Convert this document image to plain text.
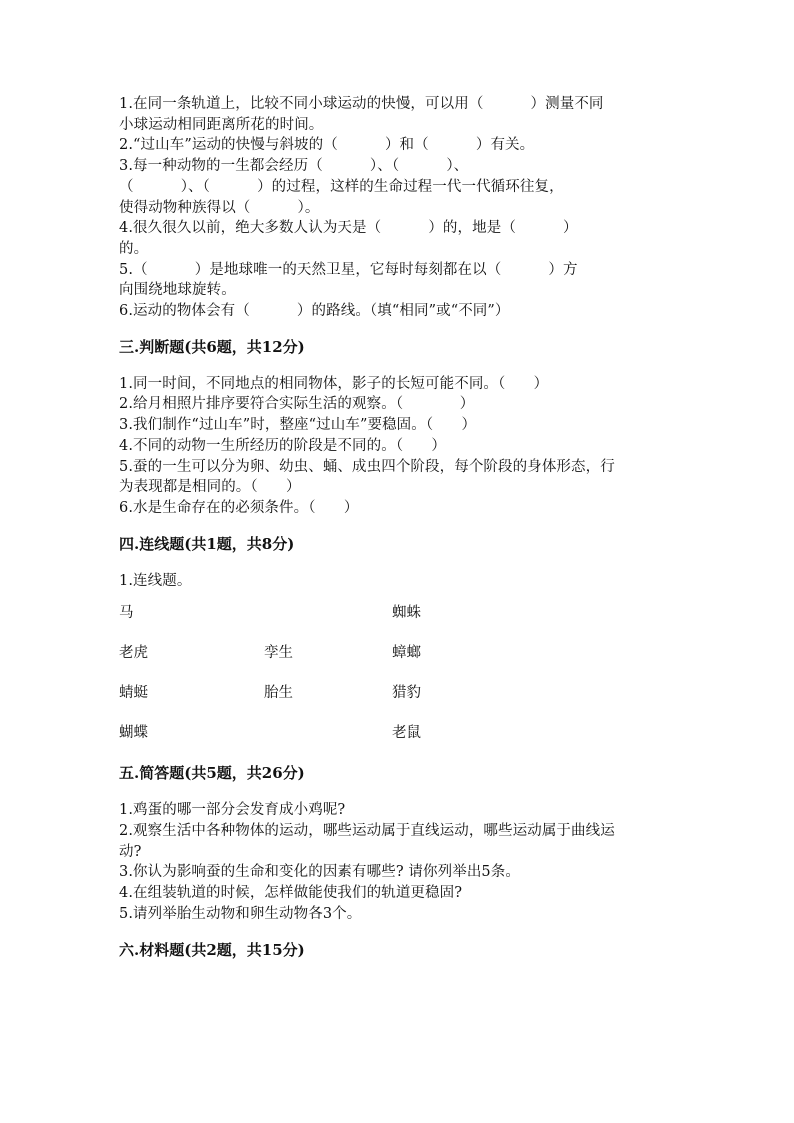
1.在同一条轨道上，比较不同小球运动的快慢，可以用（          ）测量不同
小球运动相同距离所花的时间。
2.“过山车”运动的快慢与斜坡的（          ）和（          ）有关。
3.每一种动物的一生都会经历（          ）、（          ）、
（          ）、（          ）的过程，这样的生命过程一代一代循环往复，
使得动物种族得以（          ）。
4.很久很久以前，绝大多数人认为天是（          ）的，地是（          ）
的。
5.（          ）是地球唯一的天然卫星，它每时每刻都在以（          ）方
向围绕地球旋转。
6.运动的物体会有（          ）的路线。（填“相同”或“不同”）
三.判断题(共6题，共12分)
1.同一时间，不同地点的相同物体，影子的长短可能不同。（      ）
2.给月相照片排序要符合实际生活的观察。（            ）
3.我们制作“过山车”时，整座“过山车”要稳固。（      ）
4.不同的动物一生所经历的阶段是不同的。（      ）
5.蚕的一生可以分为卵、幼虫、蛹、成虫四个阶段，每个阶段的身体形态，行
为表现都是相同的。（      ）
6.水是生命存在的必须条件。（      ）
四.连线题(共1题，共8分)
1.连线题。
马
老虎
蜻蜓
蝴蝶
孪生
胎生
蜘蛛
蟑螂
猎豹
老鼠
五.简答题(共5题，共26分)
1.鸡蛋的哪一部分会发育成小鸡呢?
2.观察生活中各种物体的运动，哪些运动属于直线运动，哪些运动属于曲线运
动?
3.你认为影响蚕的生命和变化的因素有哪些? 请你列举出5条。
4.在组装轨道的时候，怎样做能使我们的轨道更稳固?
5.请列举胎生动物和卵生动物各3个。
六.材料题(共2题，共15分)
